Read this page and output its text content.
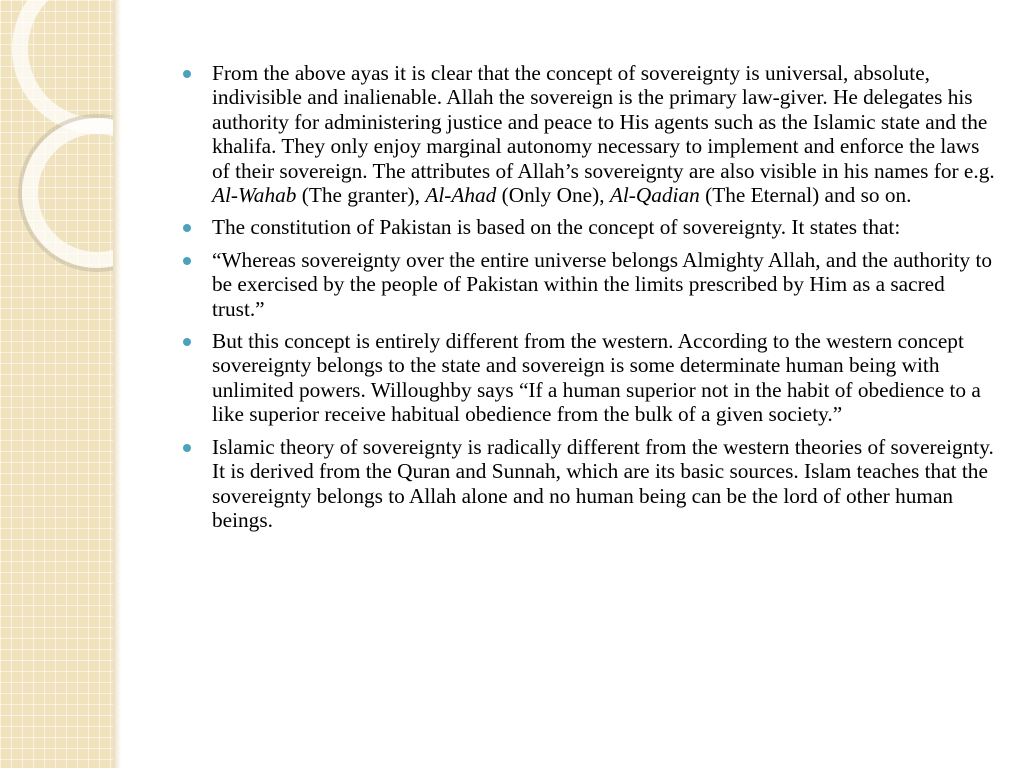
From the above ayas it is clear that the concept of sovereignty is universal, absolute, indivisible and inalienable. Allah the sovereign is the primary law-giver. He delegates his authority for administering justice and peace to His agents such as the Islamic state and the khalifa. They only enjoy marginal autonomy necessary to implement and enforce the laws of their sovereign. The attributes of Allah’s sovereignty are also visible in his names for e.g. Al-Wahab (The granter), Al-Ahad (Only One), Al-Qadian (The Eternal) and so on.
The constitution of Pakistan is based on the concept of sovereignty. It states that:
“Whereas sovereignty over the entire universe belongs Almighty Allah, and the authority to be exercised by the people of Pakistan within the limits prescribed by Him as a sacred trust.”
But this concept is entirely different from the western. According to the western concept sovereignty belongs to the state and sovereign is some determinate human being with unlimited powers. Willoughby says “If a human superior not in the habit of obedience to a like superior receive habitual obedience from the bulk of a given society.”
Islamic theory of sovereignty is radically different from the western theories of sovereignty. It is derived from the Quran and Sunnah, which are its basic sources. Islam teaches that the sovereignty belongs to Allah alone and no human being can be the lord of other human beings.
